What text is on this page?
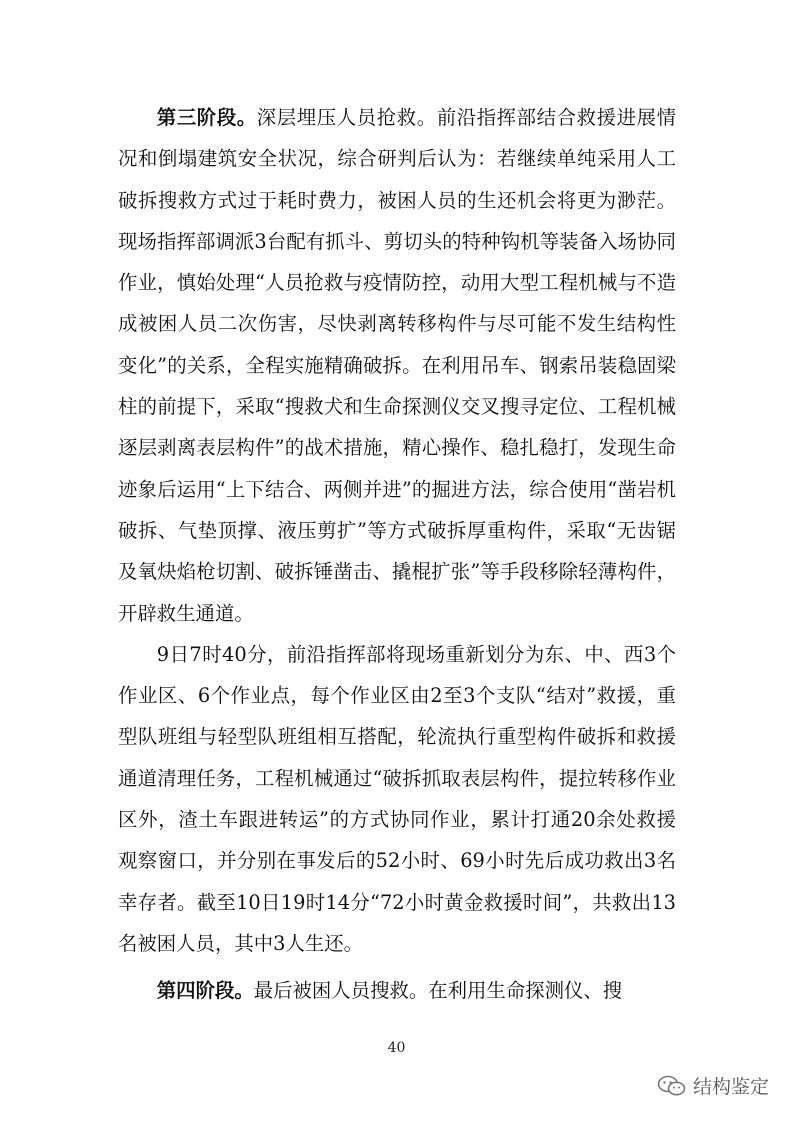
第三阶段。深层埋压人员抢救。前沿指挥部结合救援进展情况和倒塌建筑安全状况，综合研判后认为：若继续单纯采用人工破拆搜救方式过于耗时费力，被困人员的生还机会将更为渺茫。现场指挥部调派3台配有抓斗、剪切头的特种钩机等装备入场协同作业，慎始处理“人员抢救与疫情防控，动用大型工程机械与不造成被困人员二次伤害，尽快剥离转移构件与尽可能不发生结构性变化”的关系，全程实施精确破拆。在利用吊车、钢索吊装稳固梁柱的前提下，采取“搜救犬和生命探测仪交叉搜寻定位、工程机械逐层剥离表层构件”的战术措施，精心操作、稳扎稳打，发现生命迹象后运用“上下结合、两侧并进”的掘进方法，综合使用“凿岩机破拆、气垫顶撑、液压剪扩”等方式破拆厚重构件，采取“无齿锯及氧炔焰枪切割、破拆锤凿击、撬棍扩张”等手段移除轻薄构件，开辟救生通道。

9日7时40分，前沿指挥部将现场重新划分为东、中、西3个作业区、6个作业点，每个作业区由2至3个支队“结对”救援，重型队班组与轻型队班组相互搭配，轮流执行重型构件破拆和救援通道清理任务，工程机械通过“破拆抓取表层构件，提拉转移作业区外，渣土车跟进转运”的方式协同作业，累计打通20余处救援观察窗口，并分别在事发后的52小时、69小时先后成功救出3名幸存者。截至10日19时14分“72小时黄金救援时间”，共救出13名被困人员，其中3人生还。

第四阶段。最后被困人员搜救。在利用生命探测仪、搜

40
结构鉴定
